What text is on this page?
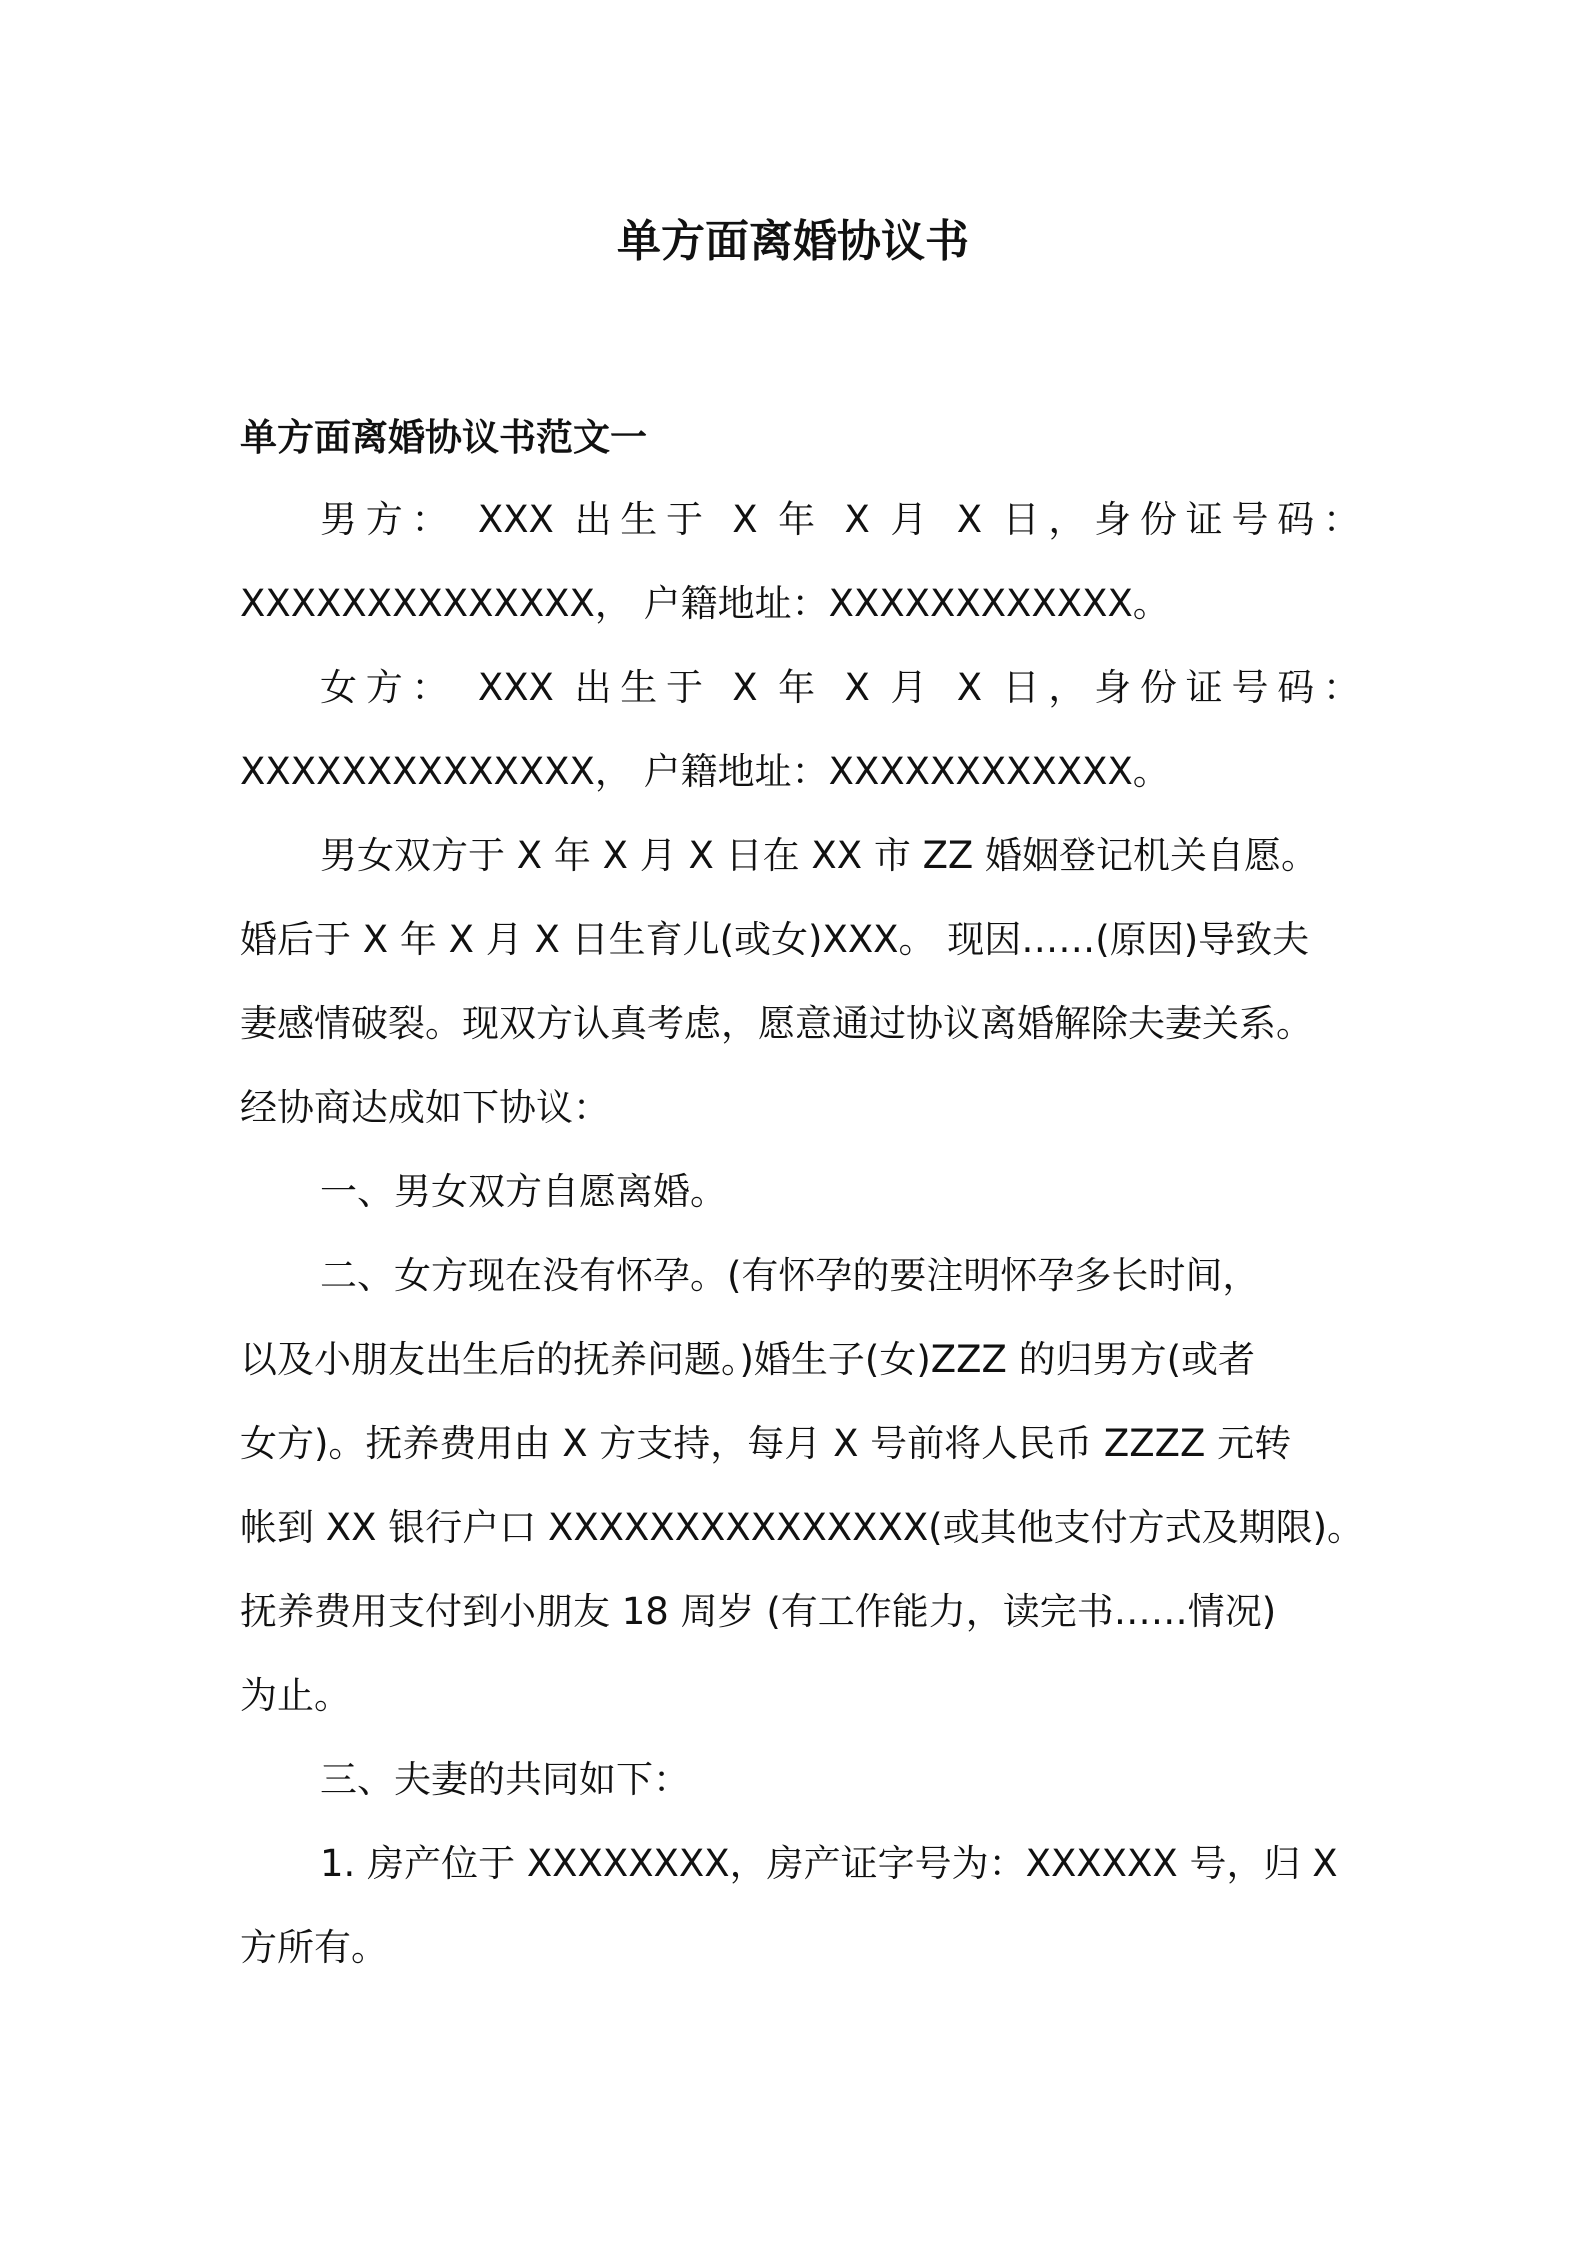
单方面离婚协议书
单方面离婚协议书范文一
男方： XXX 出生于 X 年 X 月 X 日，身份证号码：
XXXXXXXXXXXXXX， 户籍地址：XXXXXXXXXXXX。
女方： XXX 出生于 X 年 X 月 X 日，身份证号码：
XXXXXXXXXXXXXX， 户籍地址：XXXXXXXXXXXX。
男女双方于 X 年 X 月 X 日在 XX 市 ZZ 婚姻登记机关自愿。
婚后于 X 年 X 月 X 日生育儿(或女)XXX。 现因……(原因)导致夫
妻感情破裂。现双方认真考虑，愿意通过协议离婚解除夫妻关系。
经协商达成如下协议：
一、男女双方自愿离婚。
二、女方现在没有怀孕。(有怀孕的要注明怀孕多长时间，
以及小朋友出生后的抚养问题。)婚生子(女)ZZZ 的归男方(或者
女方)。抚养费用由 X 方支持，每月 X 号前将人民币 ZZZZ 元转
帐到 XX 银行户口 XXXXXXXXXXXXXXX(或其他支付方式及期限)。
抚养费用支付到小朋友 18 周岁 (有工作能力，读完书……情况)
为止。
三、夫妻的共同如下：
1. 房产位于 XXXXXXXX，房产证字号为：XXXXXX 号，归 X
方所有。
